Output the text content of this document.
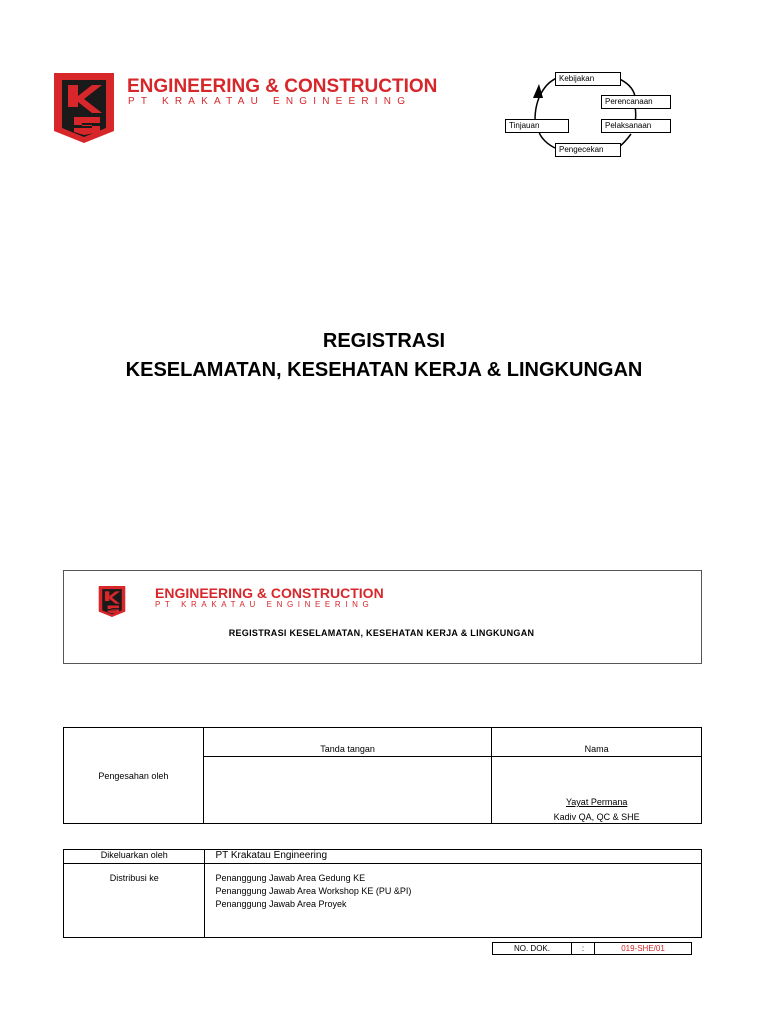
ENGINEERING & CONSTRUCTION
PT KRAKATAU ENGINEERING
Kebijakan
Perencanaan
Tinjauan	Pelaksanaan
Pengecekan
REGISTRASI
KESELAMATAN, KESEHATAN KERJA & LINGKUNGAN
ENGINEERING & CONSTRUCTION
PT KRAKATAU ENGINEERING
REGISTRASI KESELAMATAN, KESEHATAN KERJA & LINGKUNGAN
Pengesahan oleh	Tanda tangan	Nama

		Yayat Permana
Kadiv QA, QC & SHE
Dikeluarkan oleh	PT Krakatau Engineering
Distribusi ke	Penanggung Jawab Area Gedung KE
Penanggung Jawab Area Workshop KE (PU &PI)
Penanggung Jawab Area Proyek
NO. DOK.	:	019-SHE/01
